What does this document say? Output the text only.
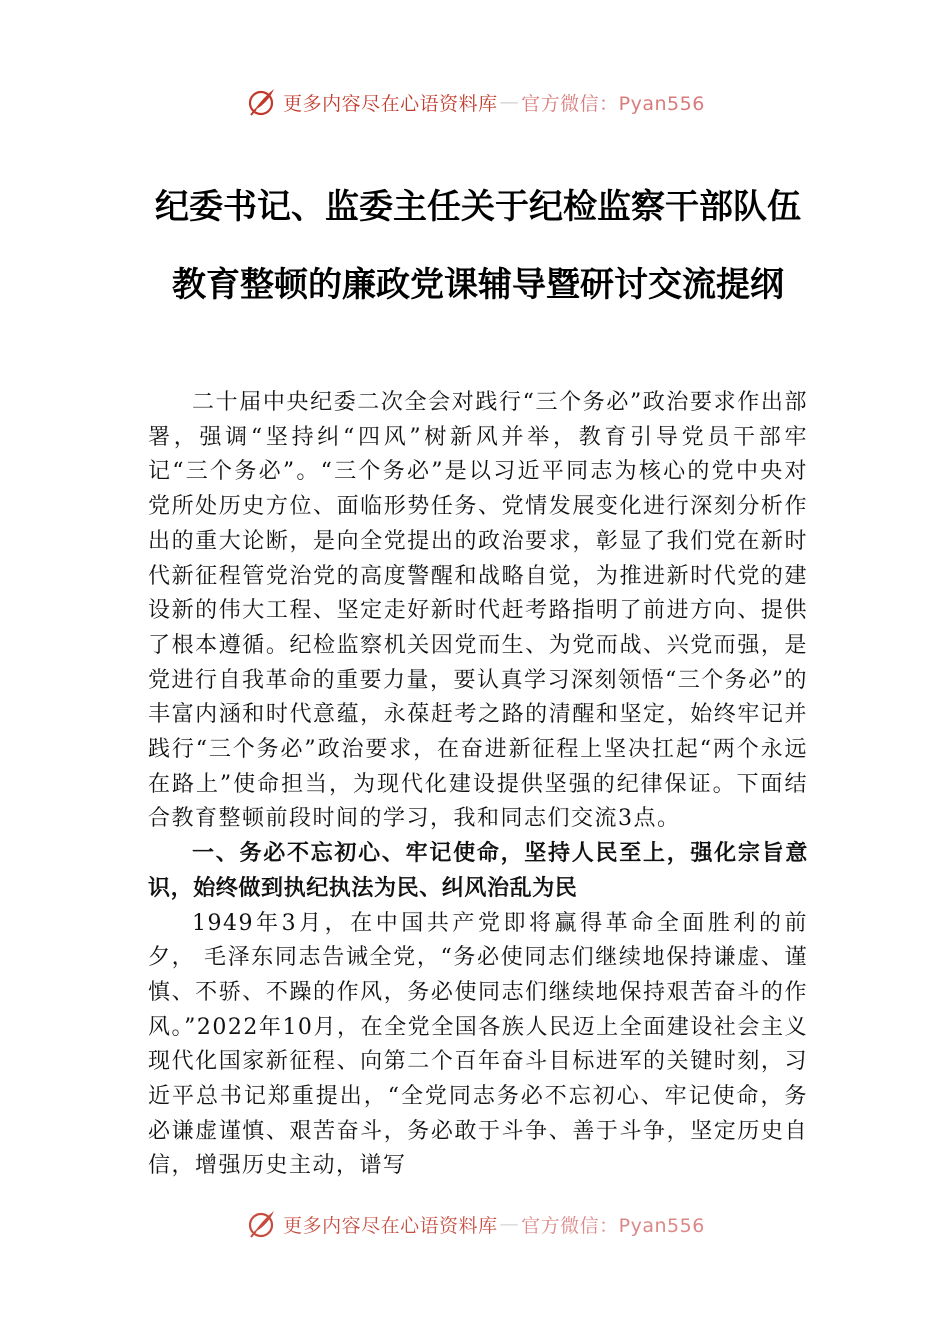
更多内容尽在心语资料库 — 官方微信：Pyan556
纪委书记、监委主任关于纪检监察干部队伍教育整顿的廉政党课辅导暨研讨交流提纲

二十届中央纪委二次全会对践行“三个务必”政治要求作出部署，强调“坚持纠“四风”树新风并举，教育引导党员干部牢记“三个务必”。“三个务必”是以习近平同志为核心的党中央对党所处历史方位、面临形势任务、党情发展变化进行深刻分析作出的重大论断，是向全党提出的政治要求，彰显了我们党在新时代新征程管党治党的高度警醒和战略自觉，为推进新时代党的建设新的伟大工程、坚定走好新时代赶考路指明了前进方向、提供了根本遵循。纪检监察机关因党而生、为党而战、兴党而强，是党进行自我革命的重要力量，要认真学习深刻领悟“三个务必”的丰富内涵和时代意蕴，永葆赶考之路的清醒和坚定，始终牢记并践行“三个务必”政治要求，在奋进新征程上坚决扛起“两个永远在路上”使命担当，为现代化建设提供坚强的纪律保证。下面结合教育整顿前段时间的学习，我和同志们交流3点。

一、务必不忘初心、牢记使命，坚持人民至上，强化宗旨意识，始终做到执纪执法为民、纠风治乱为民

1949年3月，在中国共产党即将赢得革命全面胜利的前夕， 毛泽东同志告诫全党，“务必使同志们继续地保持谦虚、谨慎、不骄、不躁的作风，务必使同志们继续地保持艰苦奋斗的作风。”2022年10月，在全党全国各族人民迈上全面建设社会主义现代化国家新征程、向第二个百年奋斗目标进军的关键时刻，习近平总书记郑重提出，“全党同志务必不忘初心、牢记使命，务必谦虚谨慎、艰苦奋斗，务必敢于斗争、善于斗争，坚定历史自信，增强历史主动，谱写

更多内容尽在心语资料库 — 官方微信：Pyan556
